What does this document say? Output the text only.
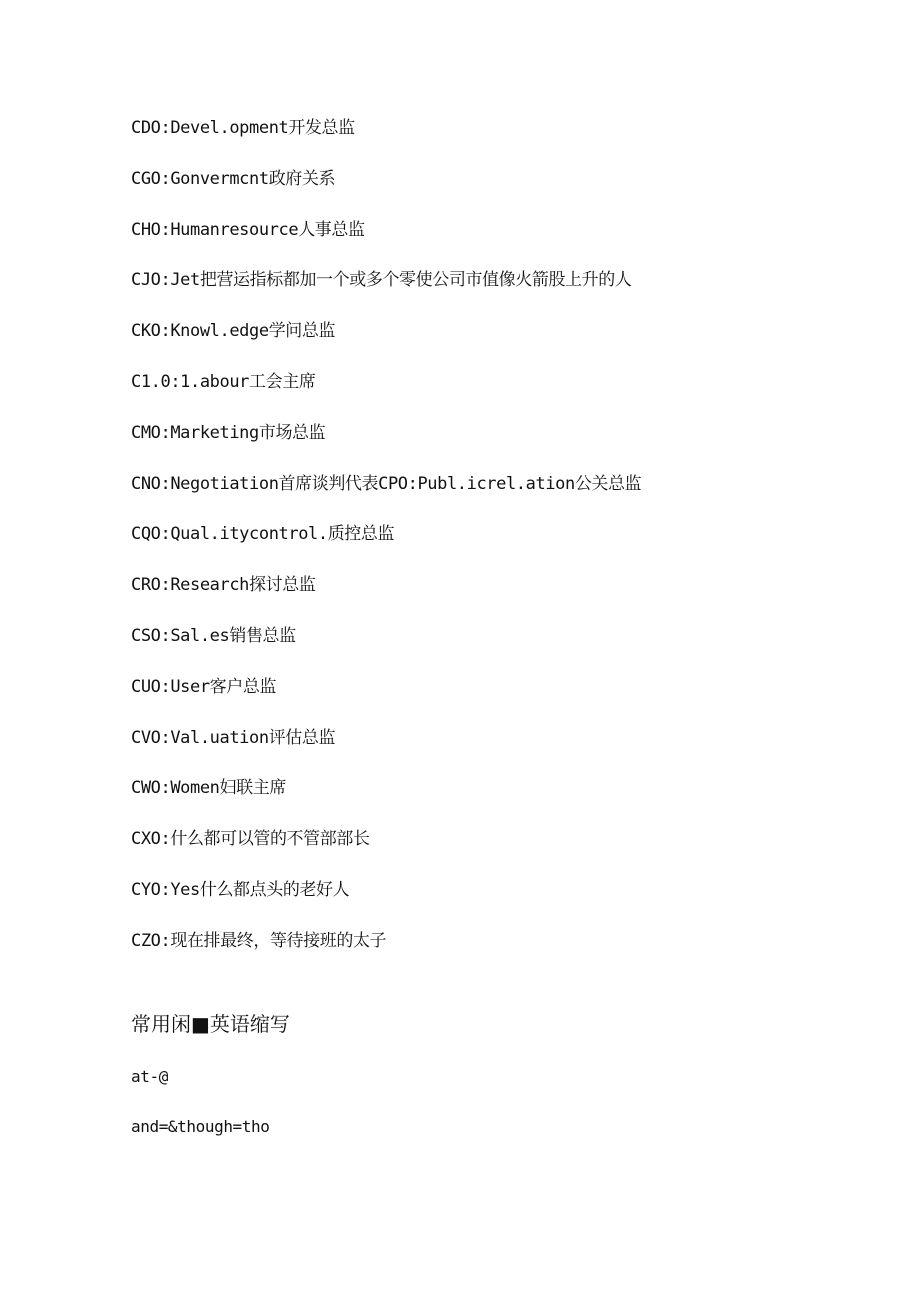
CDO:Devel.opment开发总监
CGO:Gonvermcnt政府关系
CHO:Humanresource人事总监
CJO:Jet把营运指标都加一个或多个零使公司市值像火箭股上升的人
CKO:Knowl.edge学问总监
C1.0:1.abour工会主席
CMO:Marketing市场总监
CNO:Negotiation首席谈判代表CPO:Publ.icrel.ation公关总监
CQO:Qual.itycontrol.质控总监
CRO:Research探讨总监
CSO:Sal.es销售总监
CUO:User客户总监
CVO:Val.uation评估总监
CWO:Women妇联主席
CXO:什么都可以管的不管部部长
CYO:Yes什么都点头的老好人
CZO:现在排最终，等待接班的太子
常用闲■英语缩写
at-@
and=&though=tho
